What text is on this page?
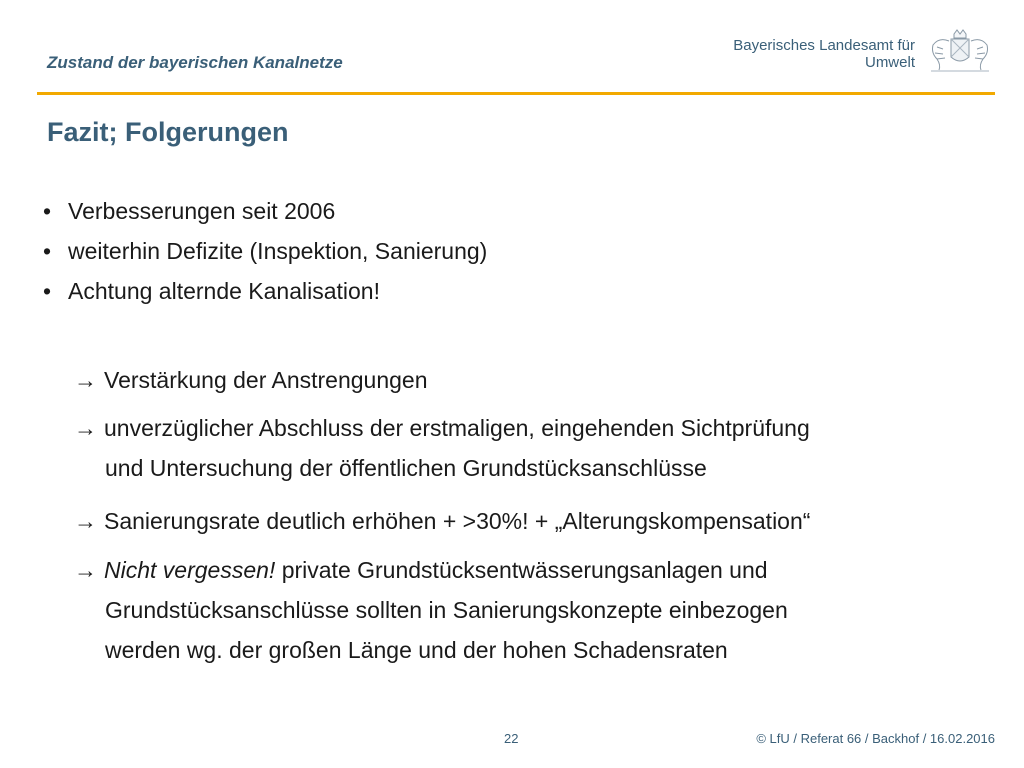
Zustand der bayerischen Kanalnetze
Bayerisches Landesamt für
Umwelt
Fazit; Folgerungen
• Verbesserungen seit 2006
• weiterhin Defizite (Inspektion, Sanierung)
• Achtung alternde Kanalisation!
→ Verstärkung der Anstrengungen
→ unverzüglicher Abschluss der erstmaligen, eingehenden Sichtprüfung
und Untersuchung der öffentlichen Grundstücksanschlüsse
→ Sanierungsrate deutlich erhöhen + >30%! + „Alterungskompensation“
→ Nicht vergessen! private Grundstücksentwässerungsanlagen und
Grundstücksanschlüsse sollten in Sanierungskonzepte einbezogen
werden wg. der großen Länge und der hohen Schadensraten
22	© LfU / Referat 66 / Backhof / 16.02.2016
